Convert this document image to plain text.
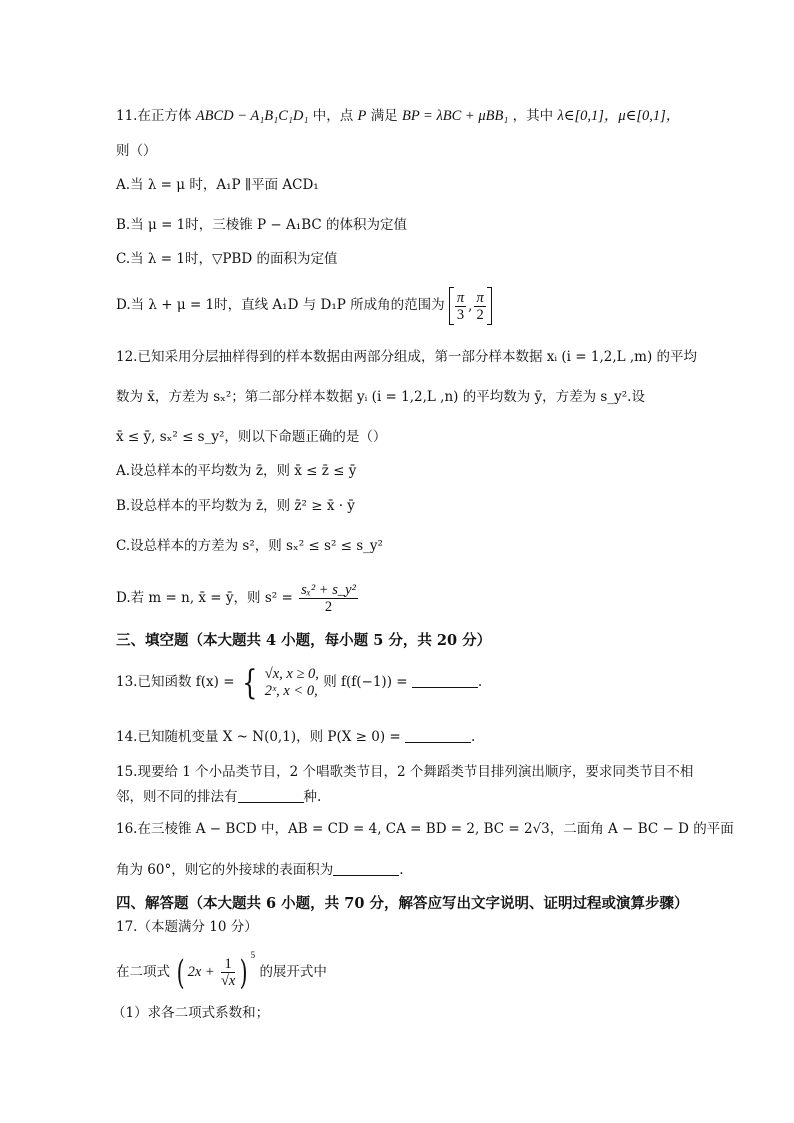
11.在正方体 ABCD − A₁B₁C₁D₁ 中，点 P 满足 BP = λBC + μBB₁ ，其中 λ∈[0,1]，μ∈[0,1]，
则（）
A.当 λ = μ 时，A₁P ∥平面 ACD₁
B.当 μ = 1时，三棱锥 P − A₁BC 的体积为定值
C.当 λ = 1时，▽PBD 的面积为定值
D.当 λ + μ = 1时，直线 A₁D 与 D₁P 所成角的范围为 $\frac{\pi}{3}$ , $\frac{\pi}{2}$
12.已知采用分层抽样得到的样本数据由两部分组成，第一部分样本数据 xᵢ (i = 1,2,L ,m) 的平均
数为 x̄，方差为 sₓ²；第二部分样本数据 yᵢ (i = 1,2,L ,n) 的平均数为 ȳ，方差为 s_y².设
x̄ ≤ ȳ, sₓ² ≤ s_y²，则以下命题正确的是（）
A.设总样本的平均数为 z̄，则 x̄ ≤ z̄ ≤ ȳ
B.设总样本的平均数为 z̄，则 z̄² ≥ x̄ · ȳ
C.设总样本的方差为 s²，则 sₓ² ≤ s² ≤ s_y²
D.若 m = n, x̄ = ȳ，则 $s^2 = \frac{\text{sₓ² + s\_y²}}{2}$
三、填空题（本大题共 4 小题，每小题 5 分，共 20 分）
13.已知函数 f(x) = { √x, x ≥ 0,
2ˣ, x < 0,
则 f(f(−1)) =	.
14.已知随机变量 X ~ N(0,1)，则 P(X ≥ 0) =	.
15.现要给 1 个小品类节目，2 个唱歌类节目，2 个舞蹈类节目排列演出顺序，要求同类节目不相
邻，则不同的排法有	种.
16.在三棱锥 A − BCD 中，AB = CD = 4, CA = BD = 2, BC = 2√3，二面角 A − BC − D 的平面
角为 60°，则它的外接球的表面积为	.
四、解答题（本大题共 6 小题，共 70 分，解答应写出文字说明、证明过程或演算步骤）
17.（本题满分 10 分）
在二项式 ( $2x + \frac{1}{√x}$ ) $^5$ 的展开式中
（1）求各二项式系数和；
